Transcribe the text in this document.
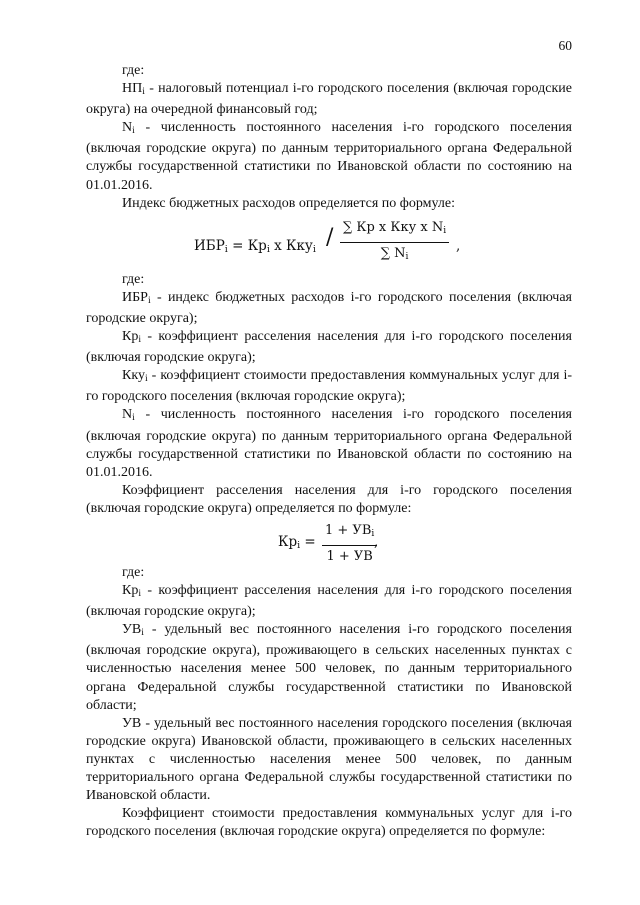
60

где:

$НП_i$ - налоговый потенциал i-го городского поселения (включая городские округа) на очередной финансовый год;

$N_i$ - численность постоянного населения i-го городского поселения (включая городские округа) по данным территориального органа Федеральной службы государственной статистики по Ивановской области по состоянию на 01.01.2016.

Индекс бюджетных расходов определяется по формуле:

$ИБР_i = Кр_i$ x Кку$_i$ / ∑ Кр x Кку x $N_i$
∑ $N_i$
,

где:

$ИБР_i$ - индекс бюджетных расходов i-го городского поселения (включая городские округа);

$Кр_i$ - коэффициент расселения населения для i-го городского поселения (включая городские округа);

Кку$_i$ - коэффициент стоимости предоставления коммунальных услуг для i-го городского поселения (включая городские округа);

$N_i$ - численность постоянного населения i-го городского поселения (включая городские округа) по данным территориального органа Федеральной службы государственной статистики по Ивановской области по состоянию на 01.01.2016.

Коэффициент расселения населения для i-го городского поселения (включая городские округа) определяется по формуле:

$Кр_i$ =
$1 + УВ_i$
1 + УВ
,

где:

$Кр_i$ - коэффициент расселения населения для i-го городского поселения (включая городские округа);

$УВ_i$ - удельный вес постоянного населения i-го городского поселения (включая городские округа), проживающего в сельских населенных пунктах с численностью населения менее 500 человек, по данным территориального органа Федеральной службы государственной статистики по Ивановской области;

УВ - удельный вес постоянного населения городского поселения (включая городские округа) Ивановской области, проживающего в сельских населенных пунктах с численностью населения менее 500 человек, по данным территориального органа Федеральной службы государственной статистики по Ивановской области.

Коэффициент стоимости предоставления коммунальных услуг для i-го городского поселения (включая городские округа) определяется по формуле:
